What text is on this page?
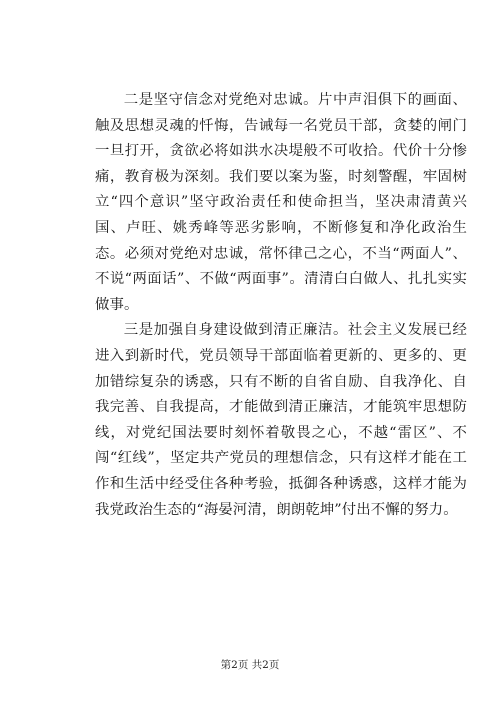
二是坚守信念对党绝对忠诚。片中声泪俱下的画面、触及思想灵魂的忏悔，告诫每一名党员干部，贪婪的闸门一旦打开，贪欲必将如洪水决堤般不可收拾。代价十分惨痛，教育极为深刻。我们要以案为鉴，时刻警醒，牢固树立“四个意识”坚守政治责任和使命担当，坚决肃清黄兴国、卢旺、姚秀峰等恶劣影响，不断修复和净化政治生态。必须对党绝对忠诚，常怀律己之心，不当“两面人”、不说“两面话”、不做“两面事”。清清白白做人、扎扎实实做事。

三是加强自身建设做到清正廉洁。社会主义发展已经进入到新时代，党员领导干部面临着更新的、更多的、更加错综复杂的诱惑，只有不断的自省自励、自我净化、自我完善、自我提高，才能做到清正廉洁，才能筑牢思想防线，对党纪国法要时刻怀着敬畏之心，不越“雷区”、不闯“红线”，坚定共产党员的理想信念，只有这样才能在工作和生活中经受住各种考验，抵御各种诱惑，这样才能为我党政治生态的“海晏河清，朗朗乾坤”付出不懈的努力。

第2页 共2页
